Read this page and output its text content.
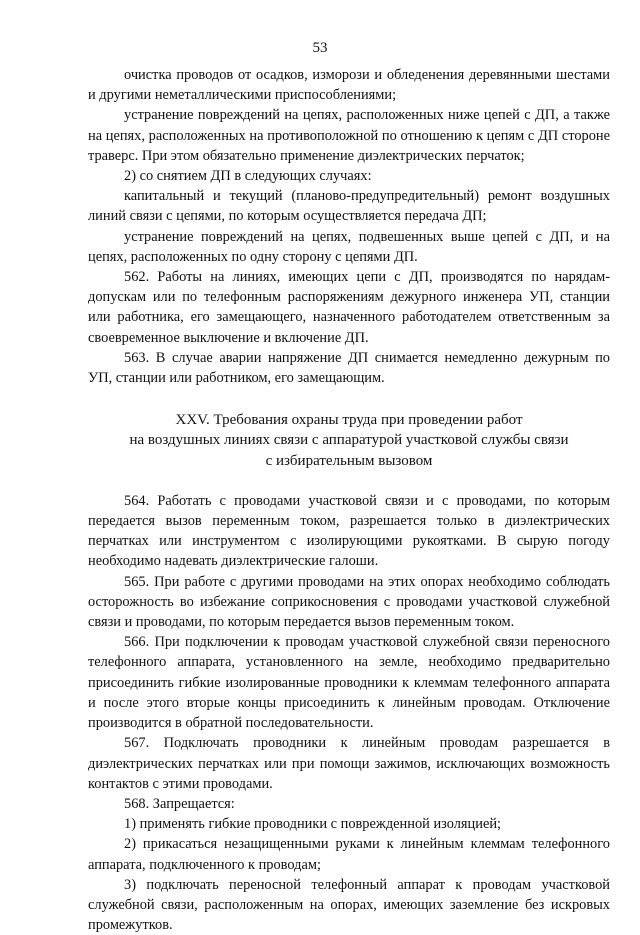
53

очистка проводов от осадков, изморози и обледенения деревянными шестами и другими неметаллическими приспособлениями;

устранение повреждений на цепях, расположенных ниже цепей с ДП, а также на цепях, расположенных на противоположной по отношению к цепям с ДП стороне траверс. При этом обязательно применение диэлектрических перчаток;

2) со снятием ДП в следующих случаях:

капитальный и текущий (планово-предупредительный) ремонт воздушных линий связи с цепями, по которым осуществляется передача ДП;

устранение повреждений на цепях, подвешенных выше цепей с ДП, и на цепях, расположенных по одну сторону с цепями ДП.

562. Работы на линиях, имеющих цепи с ДП, производятся по нарядам-допускам или по телефонным распоряжениям дежурного инженера УП, станции или работника, его замещающего, назначенного работодателем ответственным за своевременное выключение и включение ДП.

563. В случае аварии напряжение ДП снимается немедленно дежурным по УП, станции или работником, его замещающим.

XXV. Требования охраны труда при проведении работ
на воздушных линиях связи с аппаратурой участковой службы связи
с избирательным вызовом

564. Работать с проводами участковой связи и с проводами, по которым передается вызов переменным током, разрешается только в диэлектрических перчатках или инструментом с изолирующими рукоятками. В сырую погоду необходимо надевать диэлектрические галоши.

565. При работе с другими проводами на этих опорах необходимо соблюдать осторожность во избежание соприкосновения с проводами участковой служебной связи и проводами, по которым передается вызов переменным током.

566. При подключении к проводам участковой служебной связи переносного телефонного аппарата, установленного на земле, необходимо предварительно присоединить гибкие изолированные проводники к клеммам телефонного аппарата и после этого вторые концы присоединить к линейным проводам. Отключение производится в обратной последовательности.

567. Подключать проводники к линейным проводам разрешается в диэлектрических перчатках или при помощи зажимов, исключающих возможность контактов с этими проводами.

568. Запрещается:

1) применять гибкие проводники с поврежденной изоляцией;

2) прикасаться незащищенными руками к линейным клеммам телефонного аппарата, подключенного к проводам;

3) подключать переносной телефонный аппарат к проводам участковой служебной связи, расположенным на опорах, имеющих заземление без искровых промежутков.
